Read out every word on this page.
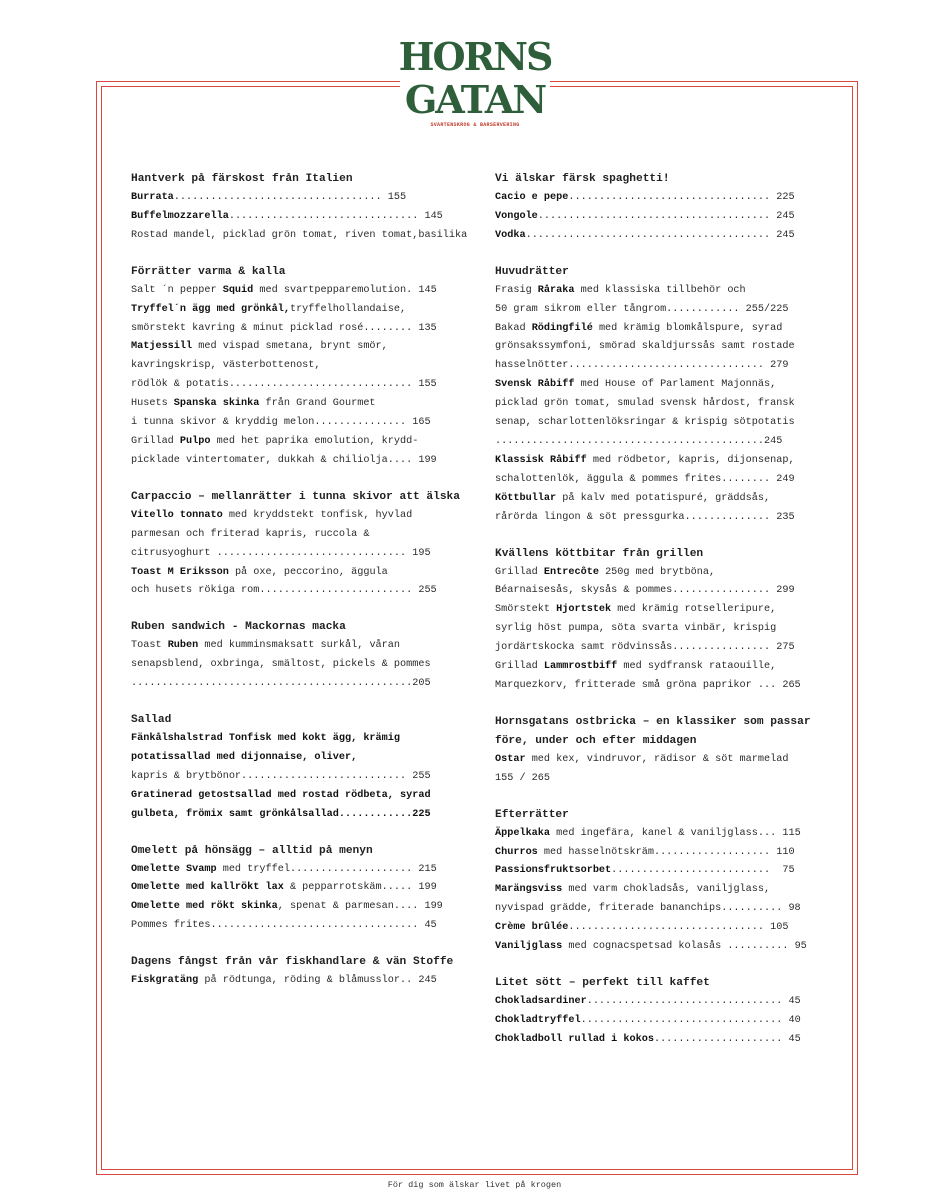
HORNS
GATAN
SVARTENSKROG & BARSERVERING
Hantverk på färskost från Italien
Burrata.................................. 155
Buffelmozzarella............................... 145
Rostad mandel, picklad grön tomat, riven tomat,basilika
Förrätter varma & kalla
Salt ´n pepper Squid med svartpepparemolution. 145
Tryffel´n ägg med grönkål,tryffelhollandaise,
smörstekt kavring & minut picklad rosé........ 135
Matjessill med vispad smetana, brynt smör,
kavringskrisp, västerbottenost,
rödlök & potatis.............................. 155
Husets Spanska skinka från Grand Gourmet
i tunna skivor & kryddig melon............... 165
Grillad Pulpo med het paprika emolution, krydd-
picklade vintertomater, dukkah & chiliolja.... 199
Carpaccio – mellanrätter i tunna skivor att älska
Vitello tonnato med kryddstekt tonfisk, hyvlad
parmesan och friterad kapris, ruccola &
citrusyoghurt ............................... 195
Toast M Eriksson på oxe, peccorino, äggula
och husets rökiga rom......................... 255
Ruben sandwich - Mackornas macka
Toast Ruben med kumminsmaksatt surkål, våran
senapsblend, oxbringa, smältost, pickels & pommes
..............................................205
Sallad
Fänkålshalstrad Tonfisk med kokt ägg, krämig
potatissallad med dijonnaise, oliver,
kapris & brytbönor........................... 255
Gratinerad getostsallad med rostad rödbeta, syrad
gulbeta, frömix samt grönkålsallad............225
Omelett på hönsägg – alltid på menyn
Omelette Svamp med tryffel.................... 215
Omelette med kallrökt lax & pepparrotskäm..... 199
Omelette med rökt skinka, spenat & parmesan.... 199
Pommes frites.................................. 45
Dagens fångst från vår fiskhandlare & vän Stoffe
Fiskgratäng på rödtunga, röding & blåmusslor.. 245
Vi älskar färsk spaghetti!
Cacio e pepe................................. 225
Vongole...................................... 245
Vodka........................................ 245
Huvudrätter
Frasig Råraka med klassiska tillbehör och
50 gram sikrom eller tångrom............ 255/225
Bakad Rödingfilé med krämig blomkålspure, syrad
grönsakssymfoni, smörad skaldjurssås samt rostade
hasselnötter................................ 279
Svensk Råbiff med House of Parlament Majonnäs,
picklad grön tomat, smulad svensk hårdost, fransk
senap, scharlottenlöksringar & krispig sötpotatis
............................................245
Klassisk Råbiff med rödbetor, kapris, dijonsenap,
schalottenlök, äggula & pommes frites........ 249
Köttbullar på kalv med potatispuré, gräddsås,
rårörda lingon & söt pressgurka.............. 235
Kvällens köttbitar från grillen
Grillad Entrecôte 250g med brytböna,
Béarnaisesås, skysås & pommes................ 299
Smörstekt Hjortstek med krämig rotselleripure,
syrlig höst pumpa, söta svarta vinbär, krispig
jordärtskocka samt rödvinssås................ 275
Grillad Lammrostbiff med sydfransk rataouille,
Marquezkorv, fritterade små gröna paprikor ... 265
Hornsgatans ostbricka – en klassiker som passar före, under och efter middagen
Ostar med kex, vindruvor, rädisor & söt marmelad
155 / 265
Efterrätter
Äppelkaka med ingefära, kanel & vaniljglass... 115
Churros med hasselnötskräm................... 110
Passionsfruktsorbet..........................  75
Marängsviss med varm chokladsås, vaniljglass,
nyvispad grädde, friterade bananchips.......... 98
Crème brûlée................................ 105
Vaniljglass med cognacspetsad kolasås .......... 95
Litet sött – perfekt till kaffet
Chokladsardiner................................ 45
Chokladtryffel................................. 40
Chokladboll rullad i kokos..................... 45
För dig som älskar livet på krogen
